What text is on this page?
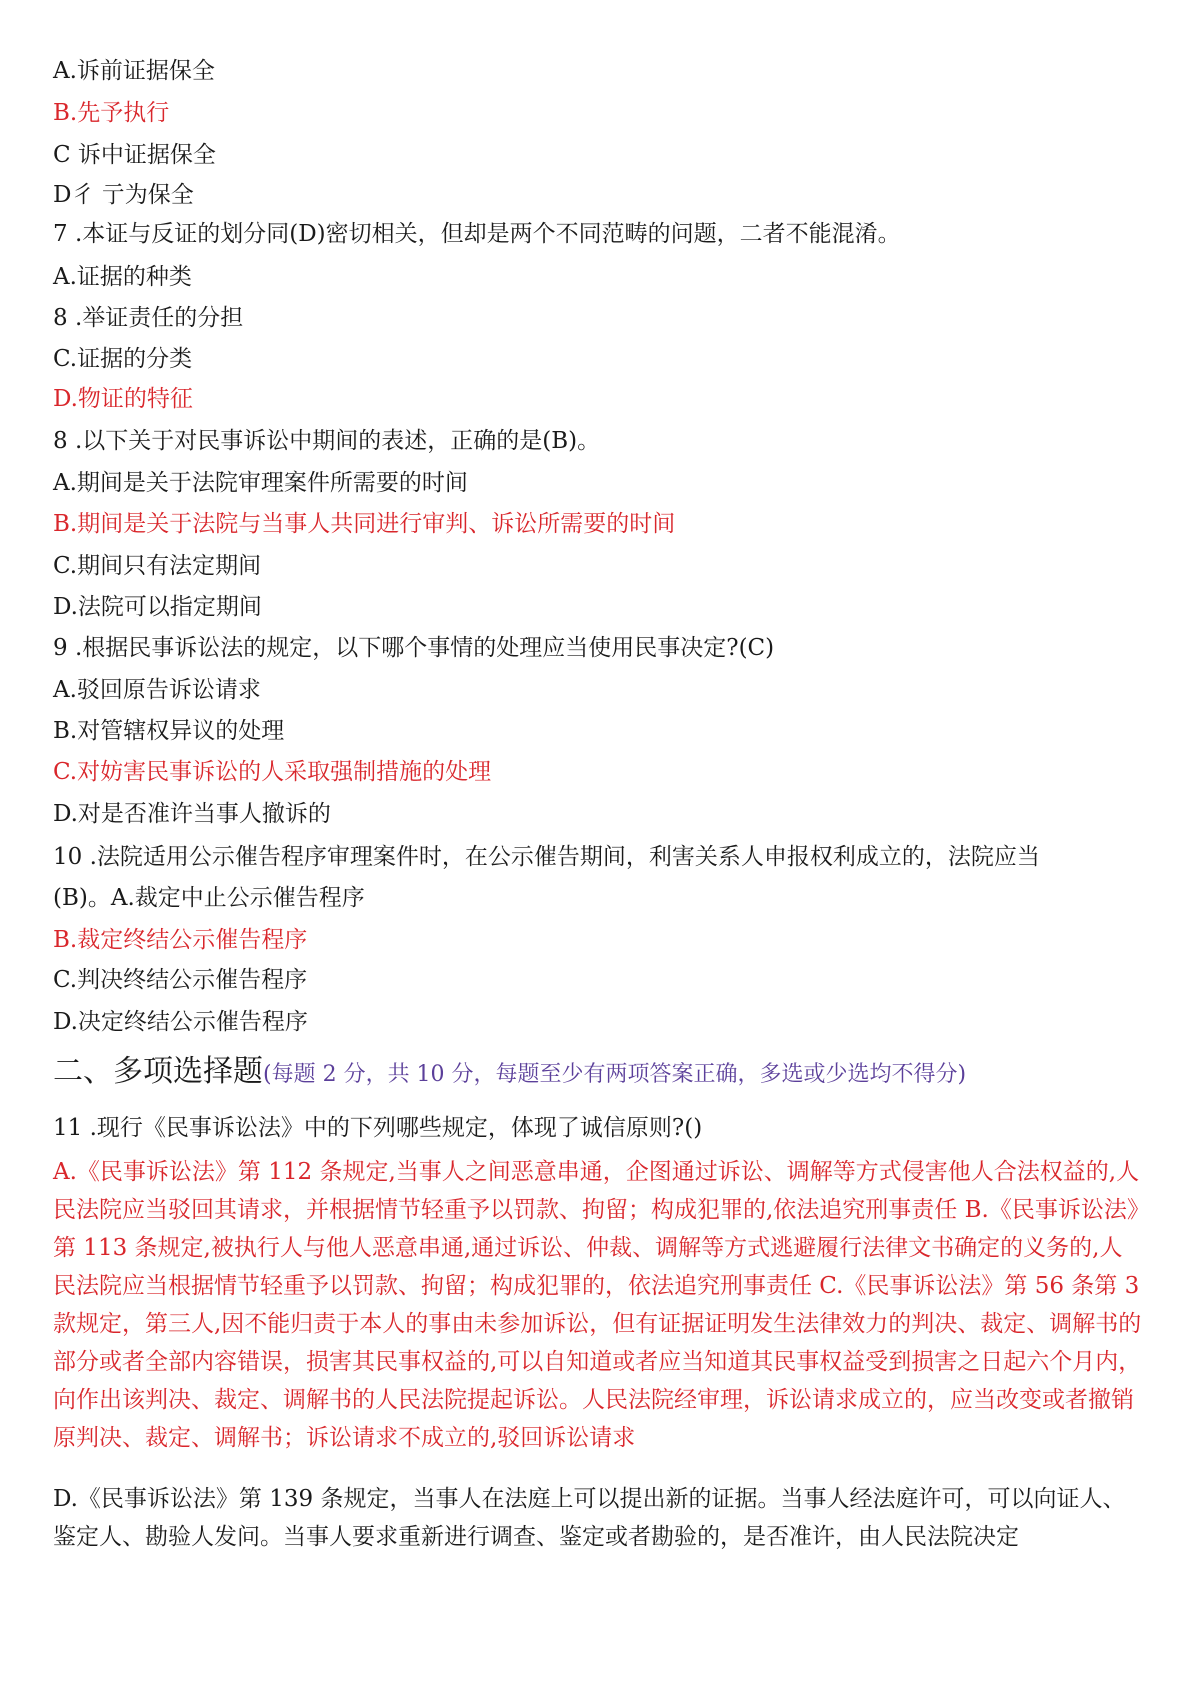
A.诉前证据保全
B.先予执行
C 诉中证据保全
D彳 亍为保全
7 .本证与反证的划分同(D)密切相关，但却是两个不同范畴的问题，二者不能混淆。
A.证据的种类
8 .举证责任的分担
C.证据的分类
D.物证的特征
8 .以下关于对民事诉讼中期间的表述，正确的是(B)。
A.期间是关于法院审理案件所需要的时间
B.期间是关于法院与当事人共同进行审判、诉讼所需要的时间
C.期间只有法定期间
D.法院可以指定期间
9 .根据民事诉讼法的规定，以下哪个事情的处理应当使用民事决定?(C)
A.驳回原告诉讼请求
B.对管辖权异议的处理
C.对妨害民事诉讼的人采取强制措施的处理
D.对是否准许当事人撤诉的
10 .法院适用公示催告程序审理案件时，在公示催告期间，利害关系人申报权利成立的，法院应当
(B)。A.裁定中止公示催告程序
B.裁定终结公示催告程序
C.判决终结公示催告程序
D.决定终结公示催告程序
二、多项选择题(每题 2 分，共 10 分，每题至少有两项答案正确，多选或少选均不得分)
11 .现行《民事诉讼法》中的下列哪些规定，体现了诚信原则?()
A.《民事诉讼法》第 112 条规定,当事人之间恶意串通，企图通过诉讼、调解等方式侵害他人合法权益的,人民法院应当驳回其请求，并根据情节轻重予以罚款、拘留；构成犯罪的,依法追究刑事责任 B.《民事诉讼法》第 113 条规定,被执行人与他人恶意串通,通过诉讼、仲裁、调解等方式逃避履行法律文书确定的义务的,人民法院应当根据情节轻重予以罚款、拘留；构成犯罪的，依法追究刑事责任 C.《民事诉讼法》第 56 条第 3 款规定，第三人,因不能归责于本人的事由未参加诉讼，但有证据证明发生法律效力的判决、裁定、调解书的部分或者全部内容错误，损害其民事权益的,可以自知道或者应当知道其民事权益受到损害之日起六个月内，向作出该判决、裁定、调解书的人民法院提起诉讼。人民法院经审理，诉讼请求成立的，应当改变或者撤销原判决、裁定、调解书；诉讼请求不成立的,驳回诉讼请求
D.《民事诉讼法》第 139 条规定，当事人在法庭上可以提出新的证据。当事人经法庭许可，可以向证人、鉴定人、勘验人发问。当事人要求重新进行调查、鉴定或者勘验的，是否准许，由人民法院决定
